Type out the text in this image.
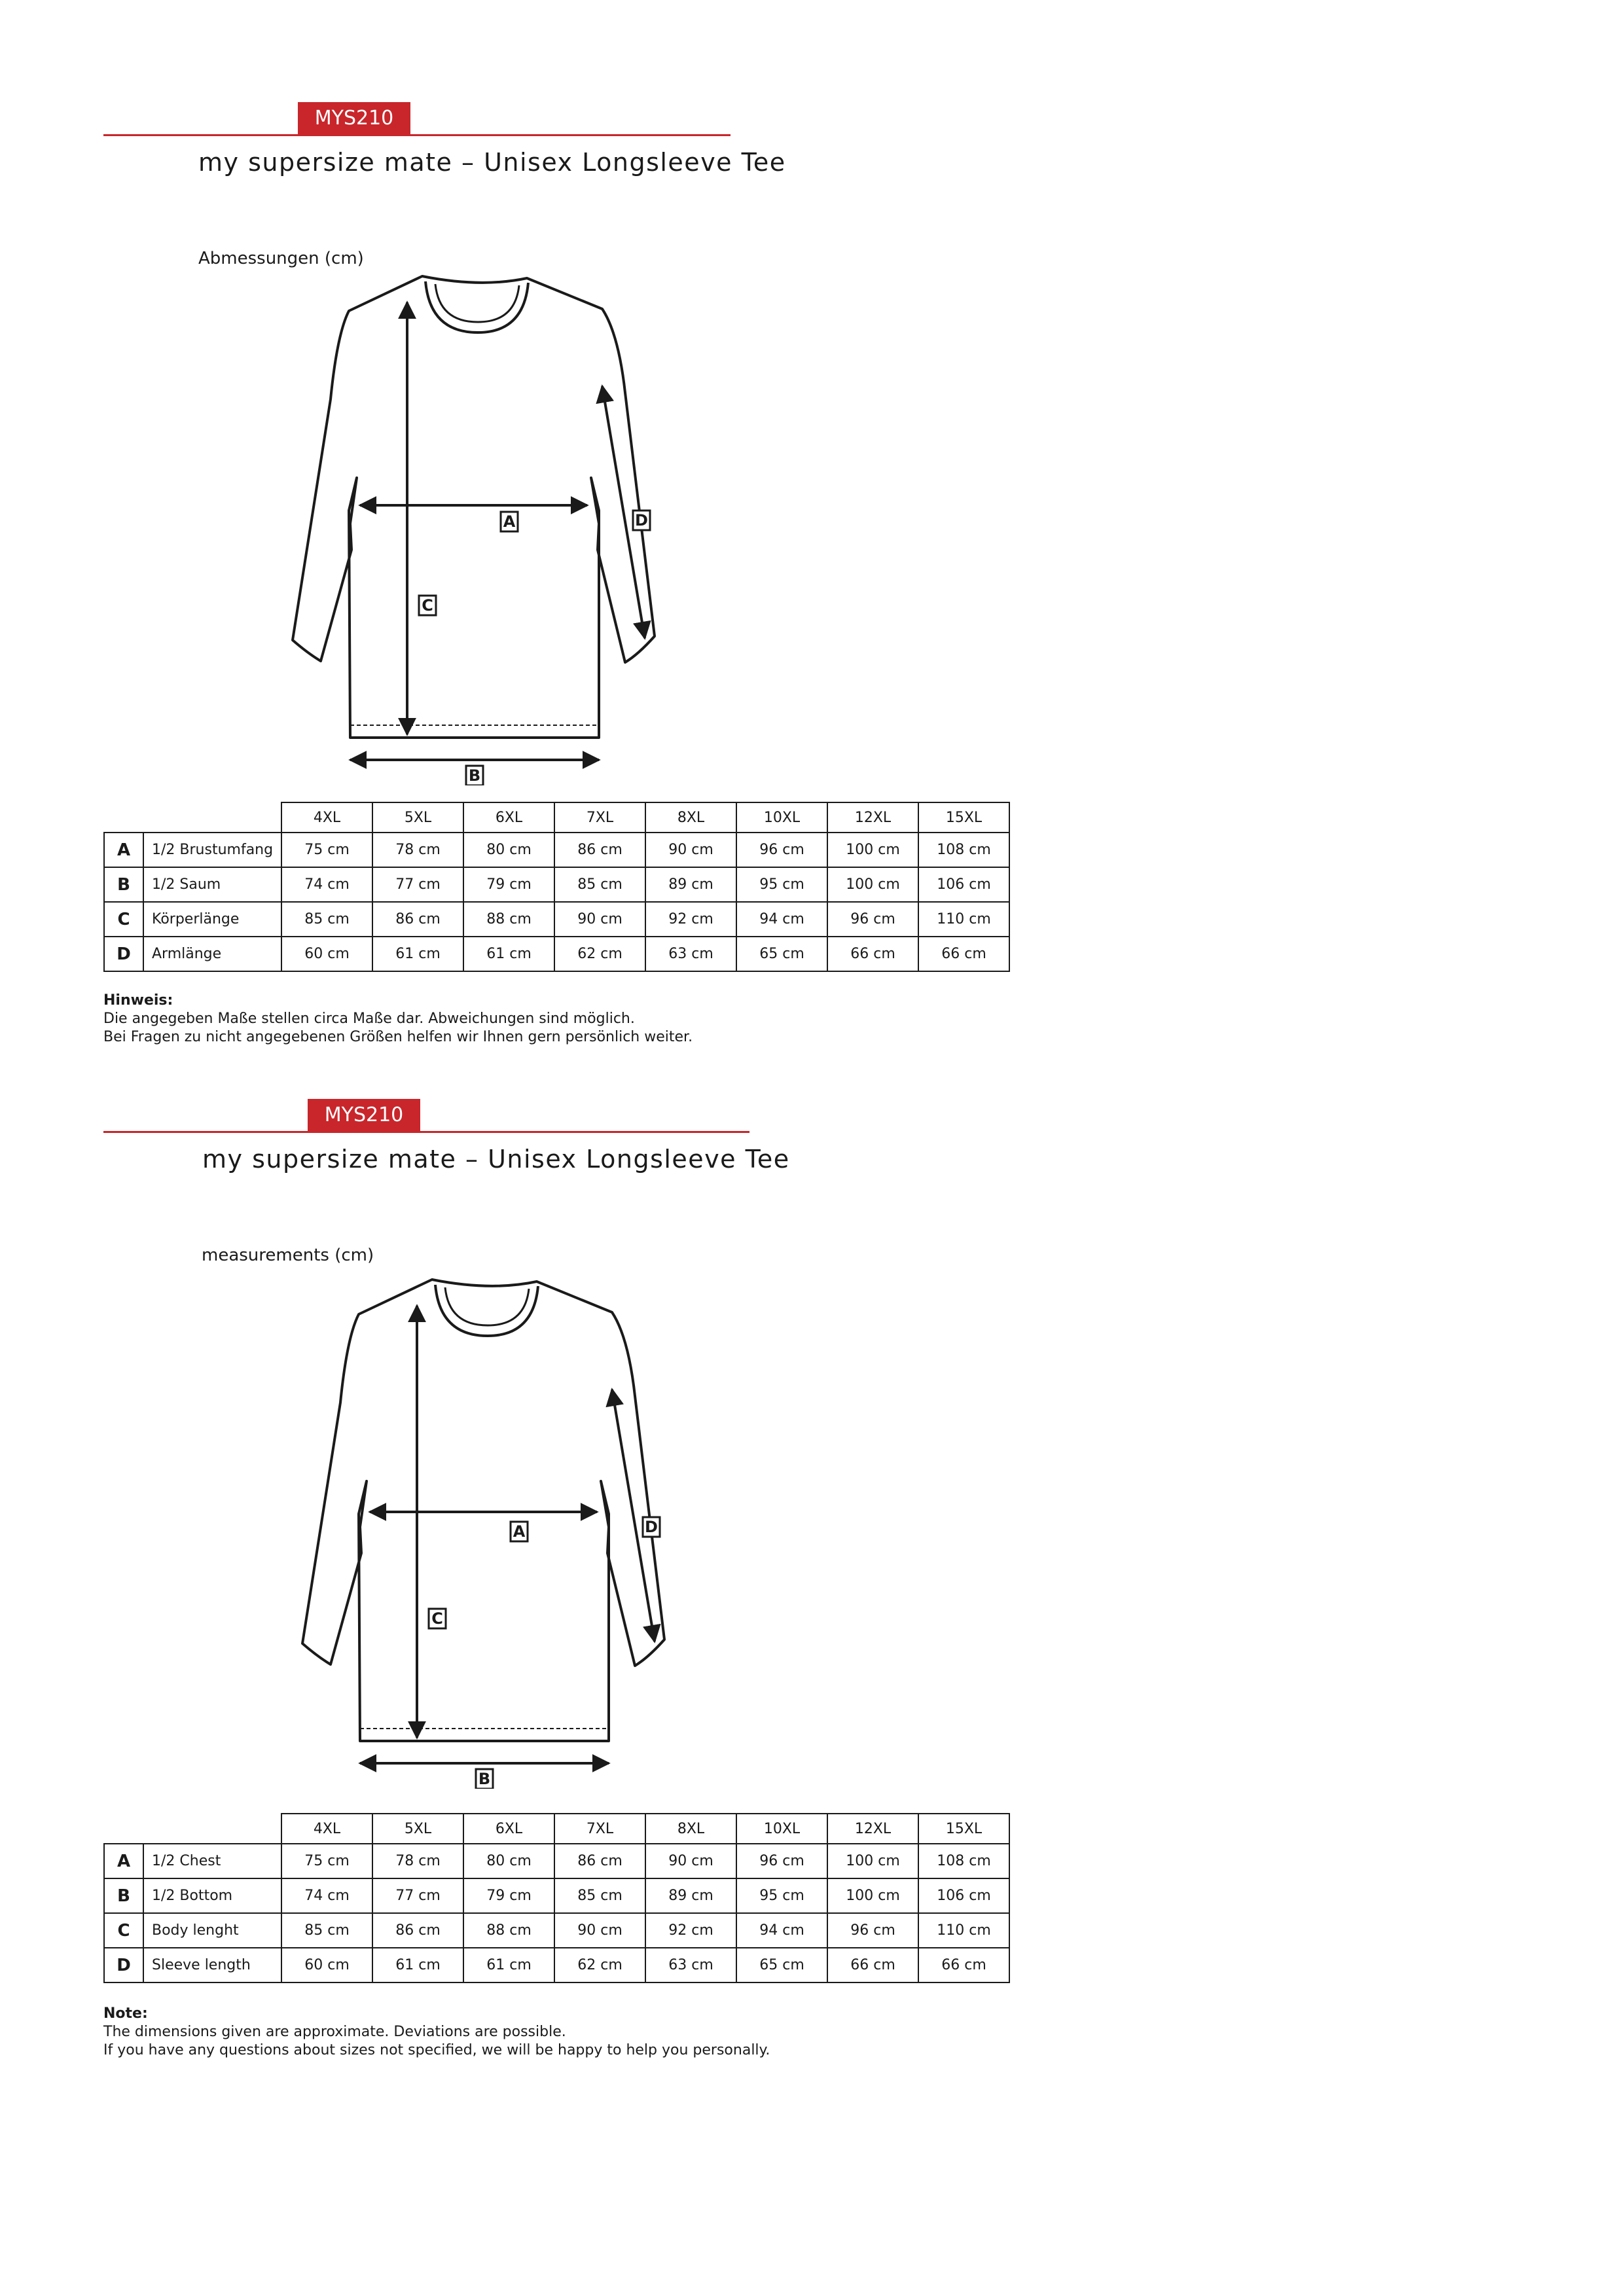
MYS210
my supersize mate – Unisex Longsleeve Tee
Abmessungen (cm)
A	D
C
B
		4XL	5XL	6XL	7XL	8XL	10XL	12XL	15XL
A	1/2 Brustumfang	75 cm	78 cm	80 cm	86 cm	90 cm	96 cm	100 cm	108 cm
B	1/2 Saum	74 cm	77 cm	79 cm	85 cm	89 cm	95 cm	100 cm	106 cm
C	Körperlänge	85 cm	86 cm	88 cm	90 cm	92 cm	94 cm	96 cm	110 cm
D	Armlänge	60 cm	61 cm	61 cm	62 cm	63 cm	65 cm	66 cm	66 cm
Hinweis:
Die angegeben Maße stellen circa Maße dar. Abweichungen sind möglich.
Bei Fragen zu nicht angegebenen Größen helfen wir Ihnen gern persönlich weiter.
MYS210
my supersize mate – Unisex Longsleeve Tee
measurements (cm)
A	D
C
B
		4XL	5XL	6XL	7XL	8XL	10XL	12XL	15XL
A	1/2 Chest	75 cm	78 cm	80 cm	86 cm	90 cm	96 cm	100 cm	108 cm
B	1/2 Bottom	74 cm	77 cm	79 cm	85 cm	89 cm	95 cm	100 cm	106 cm
C	Body lenght	85 cm	86 cm	88 cm	90 cm	92 cm	94 cm	96 cm	110 cm
D	Sleeve length	60 cm	61 cm	61 cm	62 cm	63 cm	65 cm	66 cm	66 cm
Note:
The dimensions given are approximate. Deviations are possible.
If you have any questions about sizes not specified, we will be happy to help you personally.
